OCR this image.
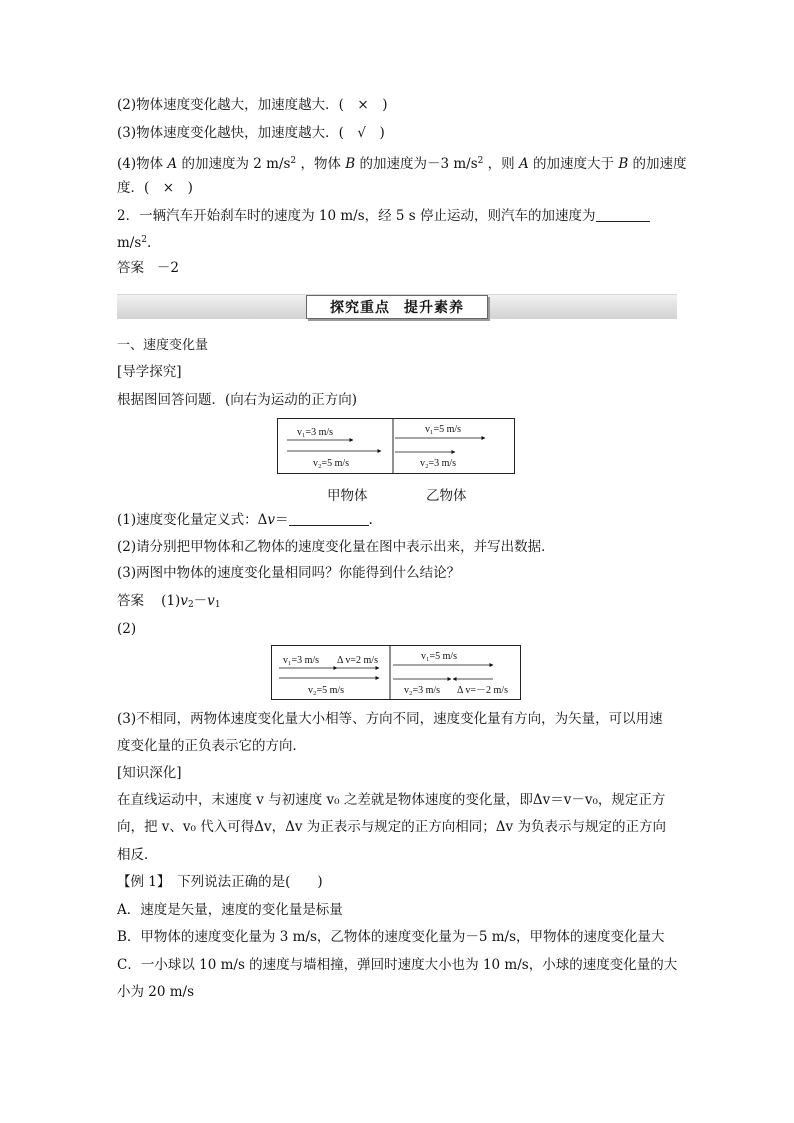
(2)物体速度变化越大，加速度越大．(　×　)
(3)物体速度变化越快，加速度越大．(　√　)
(4)物体 A 的加速度为 2 $m/s^2$ ，物体 B 的加速度为－3 $m/s^2$ ，则 A 的加速度大于 B 的加速度
度．(　×　)
2．一辆汽车开始刹车时的速度为 10 m/s，经 5 s 停止运动，则汽车的加速度为
$m/s^2$.
答案 －2
探究重点 提升素养
一、速度变化量
[导学探究]
根据图回答问题．(向右为运动的正方向)
v₁=3 m/s
v₂=5 m/s
v₁=5 m/s
v₂=3 m/s
甲物体	乙物体
(1)速度变化量定义式：Δv＝	.
(2)请分别把甲物体和乙物体的速度变化量在图中表示出来，并写出数据．
(3)两图中物体的速度变化量相同吗？你能得到什么结论？
答案 $(1)v_2-v_1$
(2)
v₁=3 m/s Δ v=2 m/s
v₂=5 m/s
v₁=5 m/s
v₂=3 m/s Δ v=－2 m/s
(3)不相同，两物体速度变化量大小相等、方向不同，速度变化量有方向，为矢量，可以用速
度变化量的正负表示它的方向．
[知识深化]
在直线运动中，末速度 v 与初速度 v₀ 之差就是物体速度的变化量，即Δv＝v－v₀，规定正方
向，把 v、v₀ 代入可得Δv，Δv 为正表示与规定的正方向相同；Δv 为负表示与规定的正方向
相反．
【例 1】　下列说法正确的是(　　)
A．速度是矢量，速度的变化量是标量
B．甲物体的速度变化量为 3 m/s，乙物体的速度变化量为－5 m/s，甲物体的速度变化量大
C．一小球以 10 m/s 的速度与墙相撞，弹回时速度大小也为 10 m/s，小球的速度变化量的大
小为 20 m/s
